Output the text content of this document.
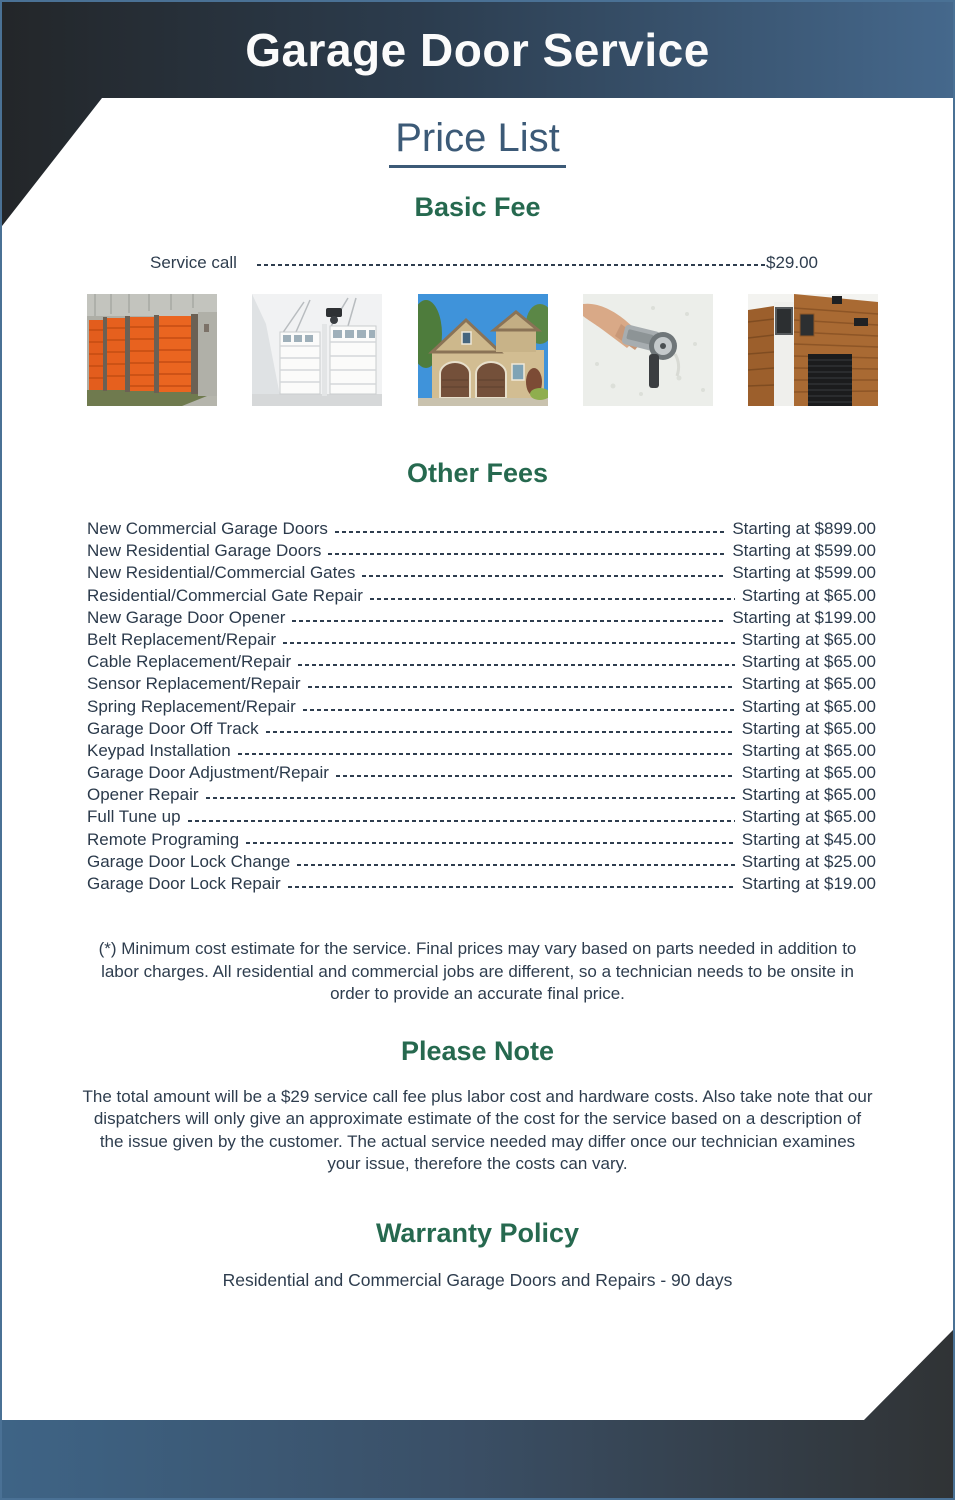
Garage Door Service
Price List
Basic Fee
Service call	$29.00
Other Fees
New Commercial Garage Doors	Starting at $899.00
New Residential Garage Doors	Starting at $599.00
New Residential/Commercial Gates	Starting at $599.00
Residential/Commercial Gate Repair	Starting at $65.00
New Garage Door Opener	Starting at $199.00
Belt Replacement/Repair	Starting at $65.00
Cable Replacement/Repair	Starting at $65.00
Sensor Replacement/Repair	Starting at $65.00
Spring Replacement/Repair	Starting at $65.00
Garage Door Off Track	Starting at $65.00
Keypad Installation	Starting at $65.00
Garage Door Adjustment/Repair	Starting at $65.00
Opener Repair	Starting at $65.00
Full Tune up	Starting at $65.00
Remote Programing	Starting at $45.00
Garage Door Lock Change	Starting at $25.00
Garage Door Lock Repair	Starting at $19.00

(*) Minimum cost estimate for the service. Final prices may vary based on parts needed in addition to labor charges. All residential and commercial jobs are different, so a technician needs to be onsite in order to provide an accurate final price.

Please Note

The total amount will be a $29 service call fee plus labor cost and hardware costs. Also take note that our dispatchers will only give an approximate estimate of the cost for the service based on a description of the issue given by the customer. The actual service needed may differ once our technician examines your issue, therefore the costs can vary.

Warranty Policy

Residential and Commercial Garage Doors and Repairs - 90 days
